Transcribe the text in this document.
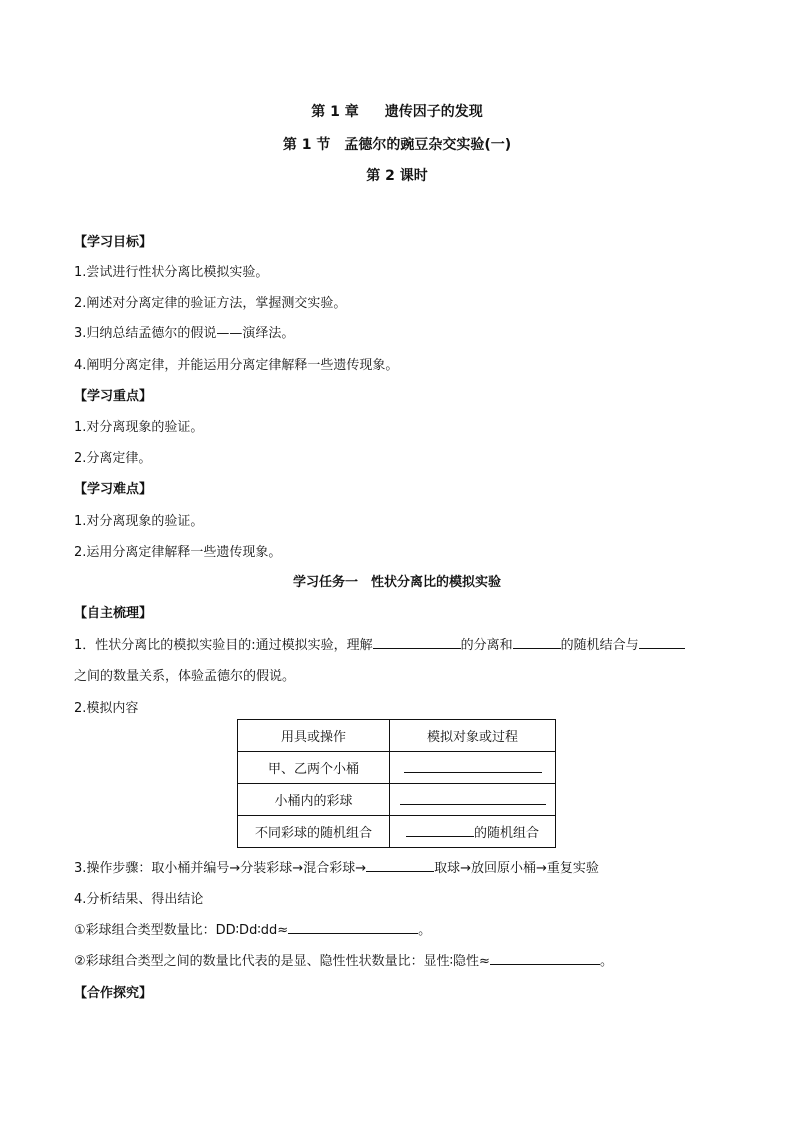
第 1 章 遗传因子的发现
第 1 节 孟德尔的豌豆杂交实验(一)
第 2 课时
【学习目标】
1.尝试进行性状分离比模拟实验。
2.阐述对分离定律的验证方法，掌握测交实验。
3.归纳总结孟德尔的假说——演绎法。
4.阐明分离定律，并能运用分离定律解释一些遗传现象。
【学习重点】
1.对分离现象的验证。
2.分离定律。
【学习难点】
1.对分离现象的验证。
2.运用分离定律解释一些遗传现象。
学习任务一　性状分离比的模拟实验
【自主梳理】
1．性状分离比的模拟实验目的:通过模拟实验，理解	的分离和	的随机结合与
之间的数量关系，体验孟德尔的假说。
2.模拟内容
用具或操作	模拟对象或过程
甲、乙两个小桶	
小桶内的彩球	
不同彩球的随机组合	的随机组合
3.操作步骤：取小桶并编号→分装彩球→混合彩球→	取球→放回原小桶→重复实验
4.分析结果、得出结论
①彩球组合类型数量比：DD∶Dd∶dd≈	。
②彩球组合类型之间的数量比代表的是显、隐性性状数量比：显性∶隐性≈	。
【合作探究】
